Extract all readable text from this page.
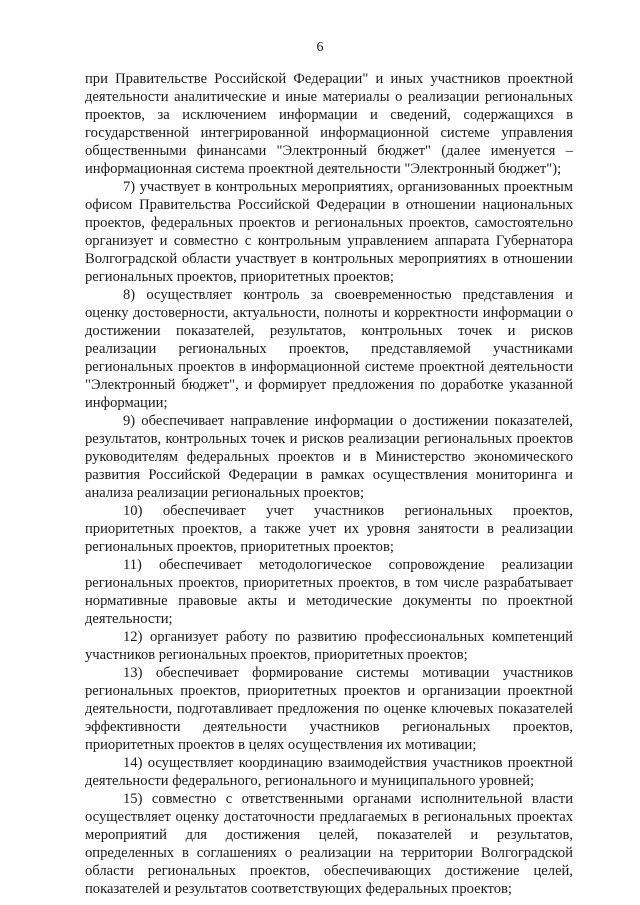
6

при Правительстве Российской Федерации" и иных участников проектной деятельности аналитические и иные материалы о реализации региональных проектов, за исключением информации и сведений, содержащихся в государственной интегрированной информационной системе управления общественными финансами "Электронный бюджет" (далее именуется – информационная система проектной деятельности "Электронный бюджет");

7) участвует в контрольных мероприятиях, организованных проектным офисом Правительства Российской Федерации в отношении национальных проектов, федеральных проектов и региональных проектов, самостоятельно организует и совместно с контрольным управлением аппарата Губернатора Волгоградской области участвует в контрольных мероприятиях в отношении региональных проектов, приоритетных проектов;

8) осуществляет контроль за своевременностью представления и оценку достоверности, актуальности, полноты и корректности информации о достижении показателей, результатов, контрольных точек и рисков реализации региональных проектов, представляемой участниками региональных проектов в информационной системе проектной деятельности "Электронный бюджет", и формирует предложения по доработке указанной информации;

9) обеспечивает направление информации о достижении показателей, результатов, контрольных точек и рисков реализации региональных проектов руководителям федеральных проектов и в Министерство экономического развития Российской Федерации в рамках осуществления мониторинга и анализа реализации региональных проектов;

10) обеспечивает учет участников региональных проектов, приоритетных проектов, а также учет их уровня занятости в реализации региональных проектов, приоритетных проектов;

11) обеспечивает методологическое сопровождение реализации региональных проектов, приоритетных проектов, в том числе разрабатывает нормативные правовые акты и методические документы по проектной деятельности;

12) организует работу по развитию профессиональных компетенций участников региональных проектов, приоритетных проектов;

13) обеспечивает формирование системы мотивации участников региональных проектов, приоритетных проектов и организации проектной деятельности, подготавливает предложения по оценке ключевых показателей эффективности деятельности участников региональных проектов, приоритетных проектов в целях осуществления их мотивации;

14) осуществляет координацию взаимодействия участников проектной деятельности федерального, регионального и муниципального уровней;

15) совместно с ответственными органами исполнительной власти осуществляет оценку достаточности предлагаемых в региональных проектах мероприятий для достижения целей, показателей и результатов, определенных в соглашениях о реализации на территории Волгоградской области региональных проектов, обеспечивающих достижение целей, показателей и результатов соответствующих федеральных проектов;
